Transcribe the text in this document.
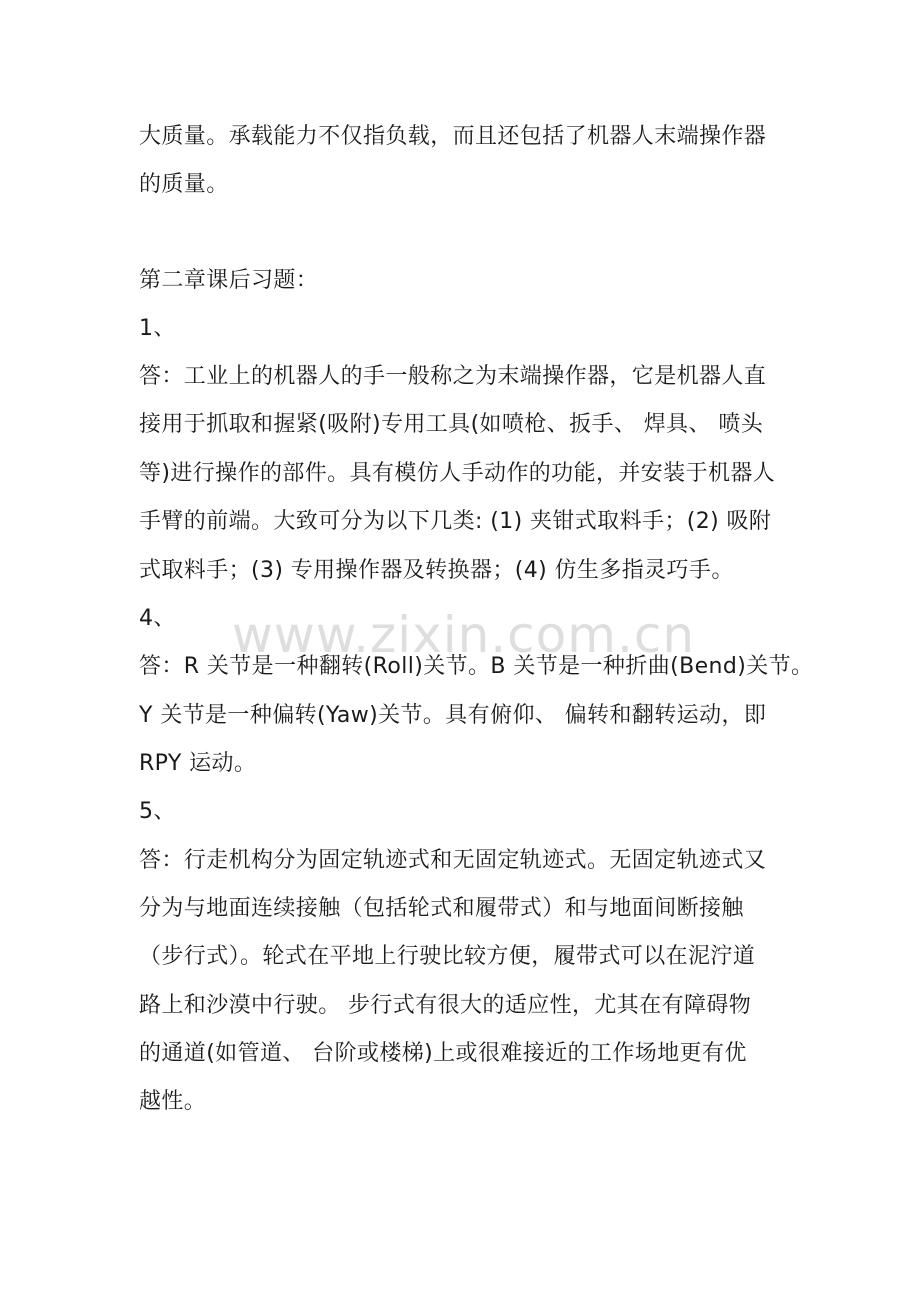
大质量。承载能力不仅指负载，而且还包括了机器人末端操作器
的质量。
第二章课后习题：
1、
答：工业上的机器人的手一般称之为末端操作器，它是机器人直
接用于抓取和握紧(吸附)专用工具(如喷枪、扳手、 焊具、 喷头
等)进行操作的部件。具有模仿人手动作的功能，并安装于机器人
手臂的前端。大致可分为以下几类: (1) 夹钳式取料手；(2) 吸附
式取料手；(3) 专用操作器及转换器；(4) 仿生多指灵巧手。
4、
答：R 关节是一种翻转(Roll)关节。B 关节是一种折曲(Bend)关节。
Y 关节是一种偏转(Yaw)关节。具有俯仰、 偏转和翻转运动，即
RPY 运动。
5、
答：行走机构分为固定轨迹式和无固定轨迹式。无固定轨迹式又
分为与地面连续接触（包括轮式和履带式）和与地面间断接触
（步行式）。轮式在平地上行驶比较方便，履带式可以在泥泞道
路上和沙漠中行驶。 步行式有很大的适应性，尤其在有障碍物
的通道(如管道、 台阶或楼梯)上或很难接近的工作场地更有优
越性。
www.zixin.com.cn
